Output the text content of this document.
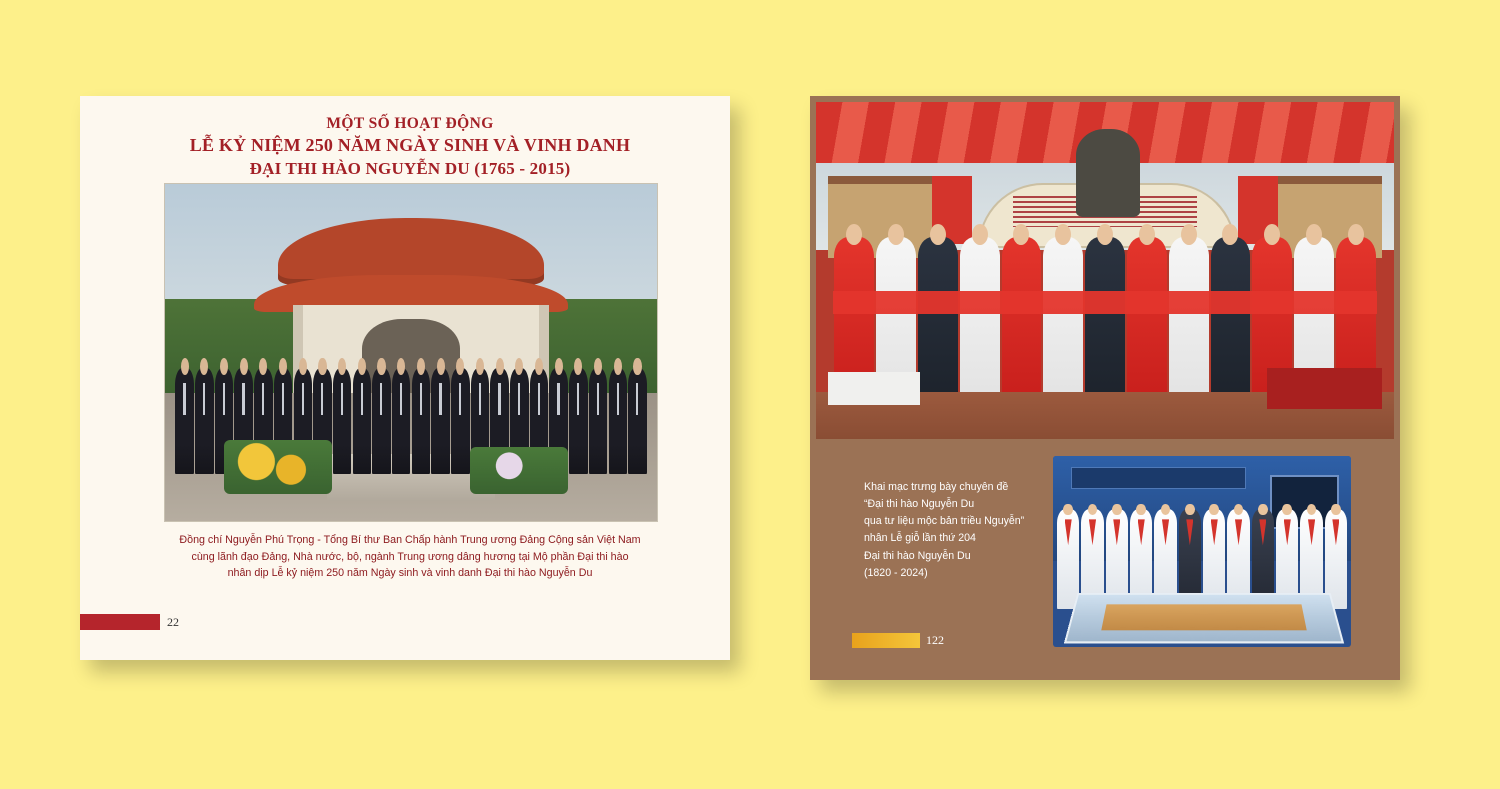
MỘT SỐ HOẠT ĐỘNG
LỄ KỶ NIỆM 250 NĂM NGÀY SINH VÀ VINH DANH
ĐẠI THI HÀO NGUYỄN DU (1765 - 2015)
Đồng chí Nguyễn Phú Trọng - Tổng Bí thư Ban Chấp hành Trung ương Đảng Cộng sản Việt Nam
cùng lãnh đạo Đảng, Nhà nước, bộ, ngành Trung ương dâng hương tại Mộ phần Đại thi hào
nhân dịp Lễ kỷ niệm 250 năm Ngày sinh và vinh danh Đại thi hào Nguyễn Du
22
Khai mạc trưng bày chuyên đề
“Đại thi hào Nguyễn Du
qua tư liệu mộc bản triều Nguyễn”
nhân Lễ giỗ lần thứ 204
Đại thi hào Nguyễn Du
(1820 - 2024)
122
